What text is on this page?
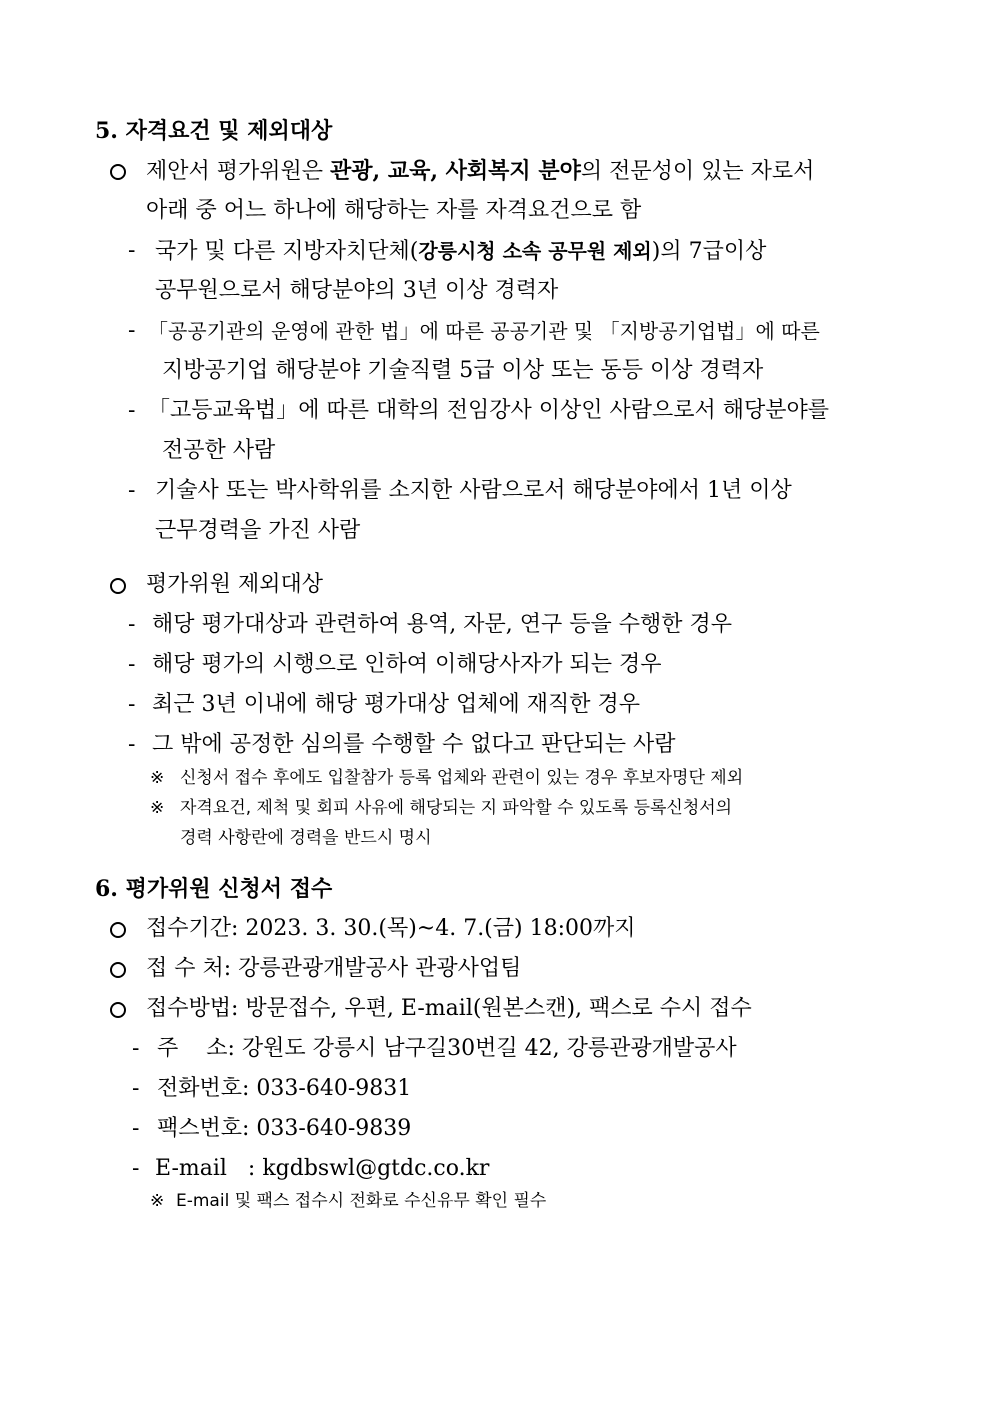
5. 자격요건 및 제외대상
제안서 평가위원은 관광, 교육, 사회복지 분야의 전문성이 있는 자로서
아래 중 어느 하나에 해당하는 자를 자격요건으로 함
- 국가 및 다른 지방자치단체(강릉시청 소속 공무원 제외)의 7급이상
공무원으로서 해당분야의 3년 이상 경력자
- 「공공기관의 운영에 관한 법」에 따른 공공기관 및 「지방공기업법」에 따른
지방공기업 해당분야 기술직렬 5급 이상 또는 동등 이상 경력자
- 「고등교육법」에 따른 대학의 전임강사 이상인 사람으로서 해당분야를
전공한 사람
- 기술사 또는 박사학위를 소지한 사람으로서 해당분야에서 1년 이상
근무경력을 가진 사람
평가위원 제외대상
- 해당 평가대상과 관련하여 용역, 자문, 연구 등을 수행한 경우
- 해당 평가의 시행으로 인하여 이해당사자가 되는 경우
- 최근 3년 이내에 해당 평가대상 업체에 재직한 경우
- 그 밖에 공정한 심의를 수행할 수 없다고 판단되는 사람
※ 신청서 접수 후에도 입찰참가 등록 업체와 관련이 있는 경우 후보자명단 제외
※ 자격요건, 제척 및 회피 사유에 해당되는 지 파악할 수 있도록 등록신청서의
경력 사항란에 경력을 반드시 명시
6. 평가위원 신청서 접수
접수기간: 2023. 3. 30.(목)~4. 7.(금) 18:00까지
접 수 처: 강릉관광개발공사 관광사업팀
접수방법: 방문접수, 우편, E-mail(원본스캔), 팩스로 수시 접수
- 주    소: 강원도 강릉시 남구길30번길 42, 강릉관광개발공사
- 전화번호: 033-640-9831
- 팩스번호: 033-640-9839
- E-mail   : kgdbswl@gtdc.co.kr
※ E-mail 및 팩스 접수시 전화로 수신유무 확인 필수
